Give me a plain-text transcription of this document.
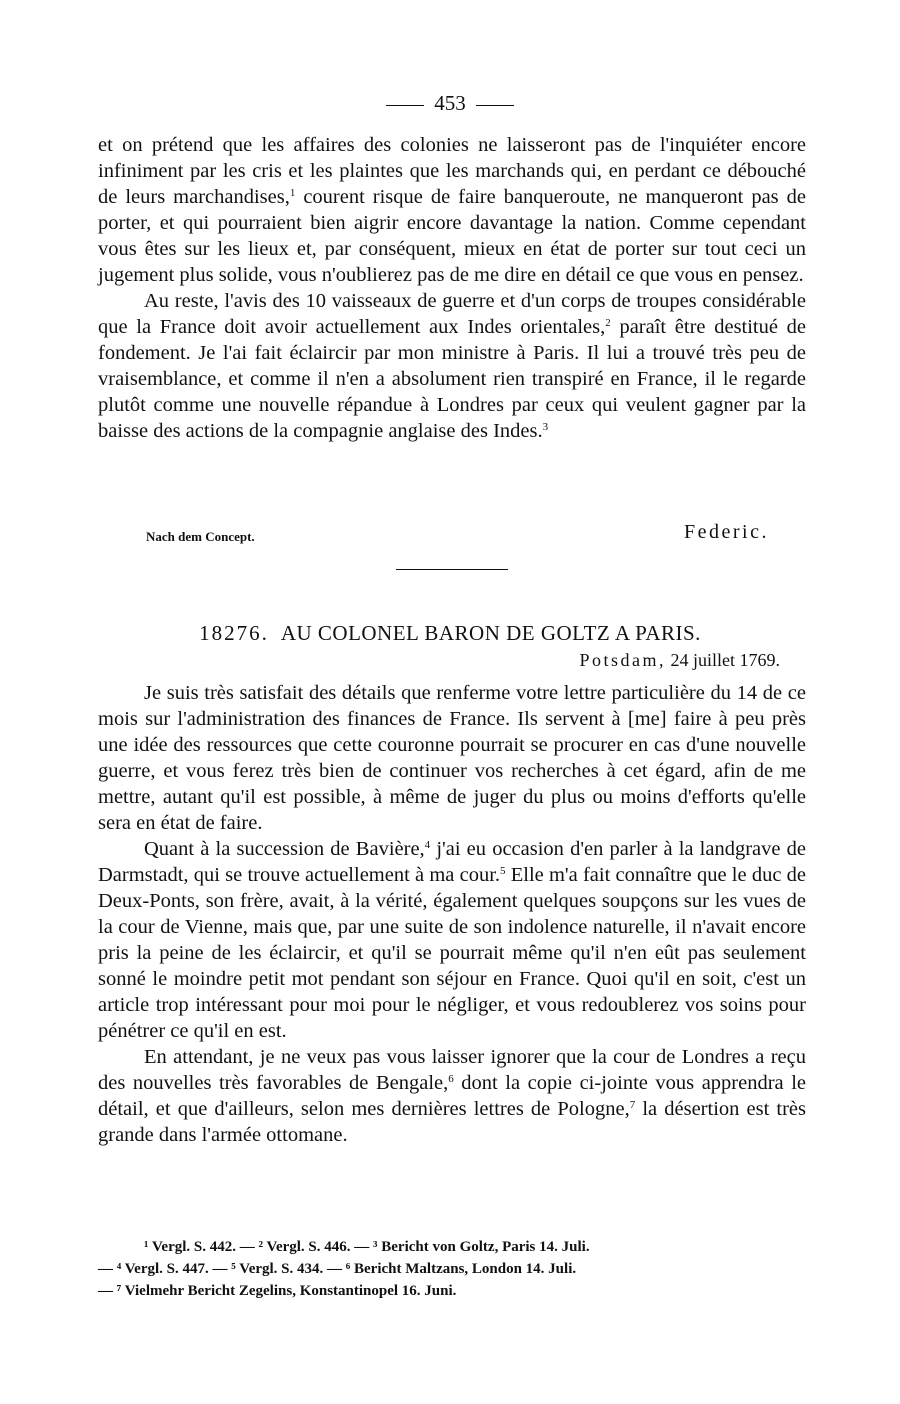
453

et on prétend que les affaires des colonies ne laisseront pas de l'inquiéter encore infiniment par les cris et les plaintes que les marchands qui, en perdant ce débouché de leurs marchandises,$^1$ courent risque de faire banqueroute, ne manqueront pas de porter, et qui pourraient bien aigrir encore davantage la nation. Comme cependant vous êtes sur les lieux et, par conséquent, mieux en état de porter sur tout ceci un jugement plus solide, vous n'oublierez pas de me dire en détail ce que vous en pensez.

Au reste, l'avis des 10 vaisseaux de guerre et d'un corps de troupes considérable que la France doit avoir actuellement aux Indes orientales,$^2$ paraît être destitué de fondement. Je l'ai fait éclaircir par mon ministre à Paris. Il lui a trouvé très peu de vraisemblance, et comme il n'en a absolument rien transpiré en France, il le regarde plutôt comme une nouvelle répandue à Londres par ceux qui veulent gagner par la baisse des actions de la compagnie anglaise des Indes.$^3$

Nach dem Concept.	Federic.
18276. AU COLONEL BARON DE GOLTZ A PARIS.
Potsdam, 24 juillet 1769.

Je suis très satisfait des détails que renferme votre lettre particulière du 14 de ce mois sur l'administration des finances de France. Ils servent à [me] faire à peu près une idée des ressources que cette couronne pourrait se procurer en cas d'une nouvelle guerre, et vous ferez très bien de continuer vos recherches à cet égard, afin de me mettre, autant qu'il est possible, à même de juger du plus ou moins d'efforts qu'elle sera en état de faire.

Quant à la succession de Bavière,$^4$ j'ai eu occasion d'en parler à la landgrave de Darmstadt, qui se trouve actuellement à ma cour.$^5$ Elle m'a fait connaître que le duc de Deux-Ponts, son frère, avait, à la vérité, également quelques soupçons sur les vues de la cour de Vienne, mais que, par une suite de son indolence naturelle, il n'avait encore pris la peine de les éclaircir, et qu'il se pourrait même qu'il n'en eût pas seulement sonné le moindre petit mot pendant son séjour en France. Quoi qu'il en soit, c'est un article trop intéressant pour moi pour le négliger, et vous redoublerez vos soins pour pénétrer ce qu'il en est.

En attendant, je ne veux pas vous laisser ignorer que la cour de Londres a reçu des nouvelles très favorables de Bengale,$^6$ dont la copie ci-jointe vous apprendra le détail, et que d'ailleurs, selon mes dernières lettres de Pologne,$^7$ la désertion est très grande dans l'armée ottomane.

¹ Vergl. S. 442. — ² Vergl. S. 446. — ³ Bericht von Goltz, Paris 14. Juli.
— ⁴ Vergl. S. 447. — ⁵ Vergl. S. 434. — ⁶ Bericht Maltzans, London 14. Juli.
— ⁷ Vielmehr Bericht Zegelins, Konstantinopel 16. Juni.
